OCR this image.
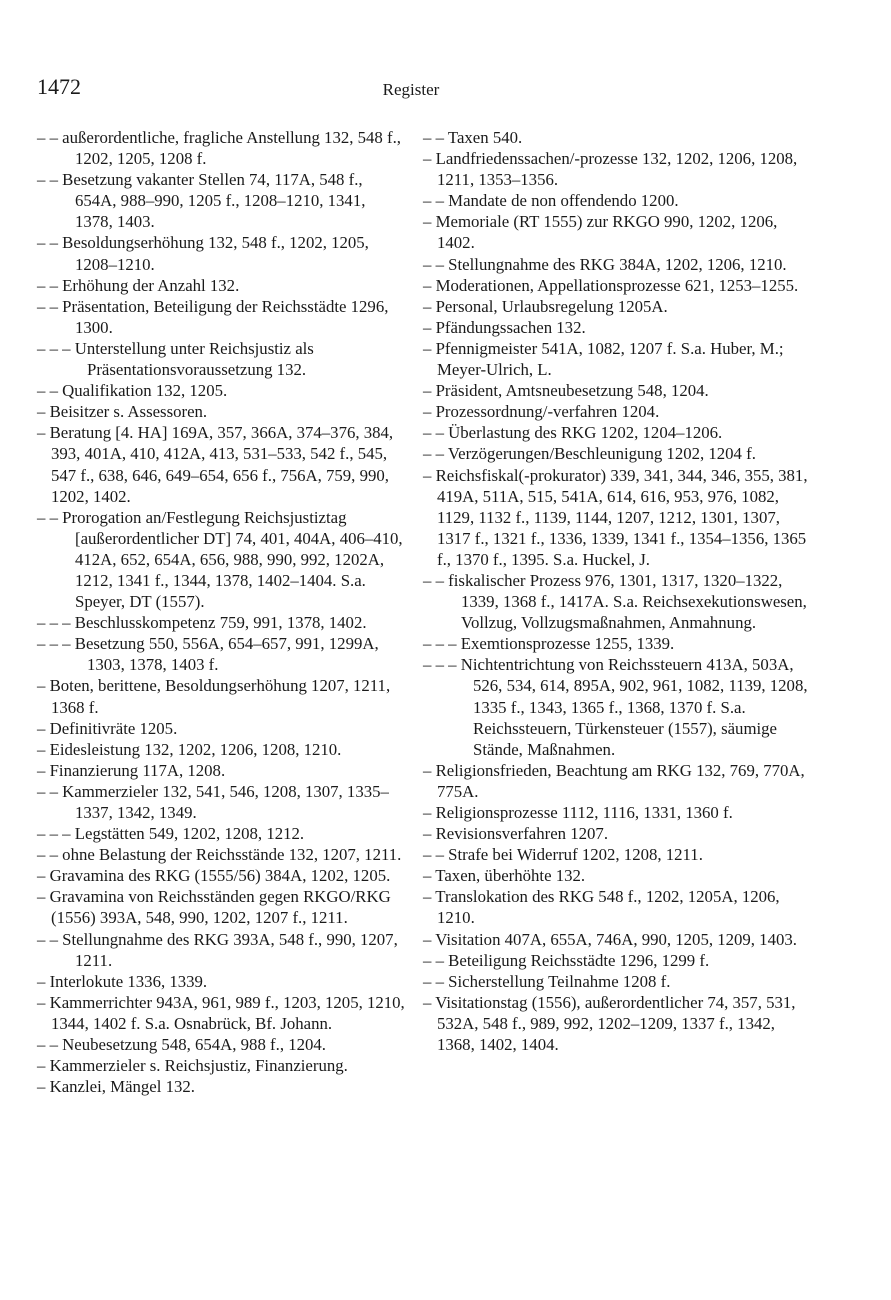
1472	Register

– – außerordentliche, fragliche Anstellung 132, 548 f., 1202, 1205, 1208 f.

– – Besetzung vakanter Stellen 74, 117A, 548 f., 654A, 988–990, 1205 f., 1208–1210, 1341, 1378, 1403.

– – Besoldungserhöhung 132, 548 f., 1202, 1205, 1208–1210.

– – Erhöhung der Anzahl 132.

– – Präsentation, Beteiligung der Reichsstädte 1296, 1300.

– – – Unterstellung unter Reichsjustiz als Präsentationsvoraussetzung 132.

– – Qualifikation 132, 1205.

– Beisitzer s. Assessoren.

– Beratung [4. HA] 169A, 357, 366A, 374–376, 384, 393, 401A, 410, 412A, 413, 531–533, 542 f., 545, 547 f., 638, 646, 649–654, 656 f., 756A, 759, 990, 1202, 1402.

– – Prorogation an/Festlegung Reichsjustiztag [außerordentlicher DT] 74, 401, 404A, 406–410, 412A, 652, 654A, 656, 988, 990, 992, 1202A, 1212, 1341 f., 1344, 1378, 1402–1404. S.a. Speyer, DT (1557).

– – – Beschlusskompetenz 759, 991, 1378, 1402.

– – – Besetzung 550, 556A, 654–657, 991, 1299A, 1303, 1378, 1403 f.

– Boten, berittene, Besoldungserhöhung 1207, 1211, 1368 f.

– Definitivräte 1205.

– Eidesleistung 132, 1202, 1206, 1208, 1210.

– Finanzierung 117A, 1208.

– – Kammerzieler 132, 541, 546, 1208, 1307, 1335–1337, 1342, 1349.

– – – Legstätten 549, 1202, 1208, 1212.

– – ohne Belastung der Reichsstände 132, 1207, 1211.

– Gravamina des RKG (1555/56) 384A, 1202, 1205.

– Gravamina von Reichsständen gegen RKGO/RKG (1556) 393A, 548, 990, 1202, 1207 f., 1211.

– – Stellungnahme des RKG 393A, 548 f., 990, 1207, 1211.

– Interlokute 1336, 1339.

– Kammerrichter 943A, 961, 989 f., 1203, 1205, 1210, 1344, 1402 f. S.a. Osnabrück, Bf. Johann.

– – Neubesetzung 548, 654A, 988 f., 1204.

– Kammerzieler s. Reichsjustiz, Finanzierung.

– Kanzlei, Mängel 132.

– – Taxen 540.

– Landfriedenssachen/-prozesse 132, 1202, 1206, 1208, 1211, 1353–1356.

– – Mandate de non offendendo 1200.

– Memoriale (RT 1555) zur RKGO 990, 1202, 1206, 1402.

– – Stellungnahme des RKG 384A, 1202, 1206, 1210.

– Moderationen, Appellationsprozesse 621, 1253–1255.

– Personal, Urlaubsregelung 1205A.

– Pfändungssachen 132.

– Pfennigmeister 541A, 1082, 1207 f. S.a. Huber, M.; Meyer-Ulrich, L.

– Präsident, Amtsneubesetzung 548, 1204.

– Prozessordnung/-verfahren 1204.

– – Überlastung des RKG 1202, 1204–1206.

– – Verzögerungen/Beschleunigung 1202, 1204 f.

– Reichsfiskal(-prokurator) 339, 341, 344, 346, 355, 381, 419A, 511A, 515, 541A, 614, 616, 953, 976, 1082, 1129, 1132 f., 1139, 1144, 1207, 1212, 1301, 1307, 1317 f., 1321 f., 1336, 1339, 1341 f., 1354–1356, 1365 f., 1370 f., 1395. S.a. Huckel, J.

– – fiskalischer Prozess 976, 1301, 1317, 1320–1322, 1339, 1368 f., 1417A. S.a. Reichsexekutionswesen, Vollzug, Vollzugsmaßnahmen, Anmahnung.

– – – Exemtionsprozesse 1255, 1339.

– – – Nichtentrichtung von Reichssteuern 413A, 503A, 526, 534, 614, 895A, 902, 961, 1082, 1139, 1208, 1335 f., 1343, 1365 f., 1368, 1370 f. S.a. Reichssteuern, Türkensteuer (1557), säumige Stände, Maßnahmen.

– Religionsfrieden, Beachtung am RKG 132, 769, 770A, 775A.

– Religionsprozesse 1112, 1116, 1331, 1360 f.

– Revisionsverfahren 1207.

– – Strafe bei Widerruf 1202, 1208, 1211.

– Taxen, überhöhte 132.

– Translokation des RKG 548 f., 1202, 1205A, 1206, 1210.

– Visitation 407A, 655A, 746A, 990, 1205, 1209, 1403.

– – Beteiligung Reichsstädte 1296, 1299 f.

– – Sicherstellung Teilnahme 1208 f.

– Visitationstag (1556), außerordentlicher 74, 357, 531, 532A, 548 f., 989, 992, 1202–1209, 1337 f., 1342, 1368, 1402, 1404.
